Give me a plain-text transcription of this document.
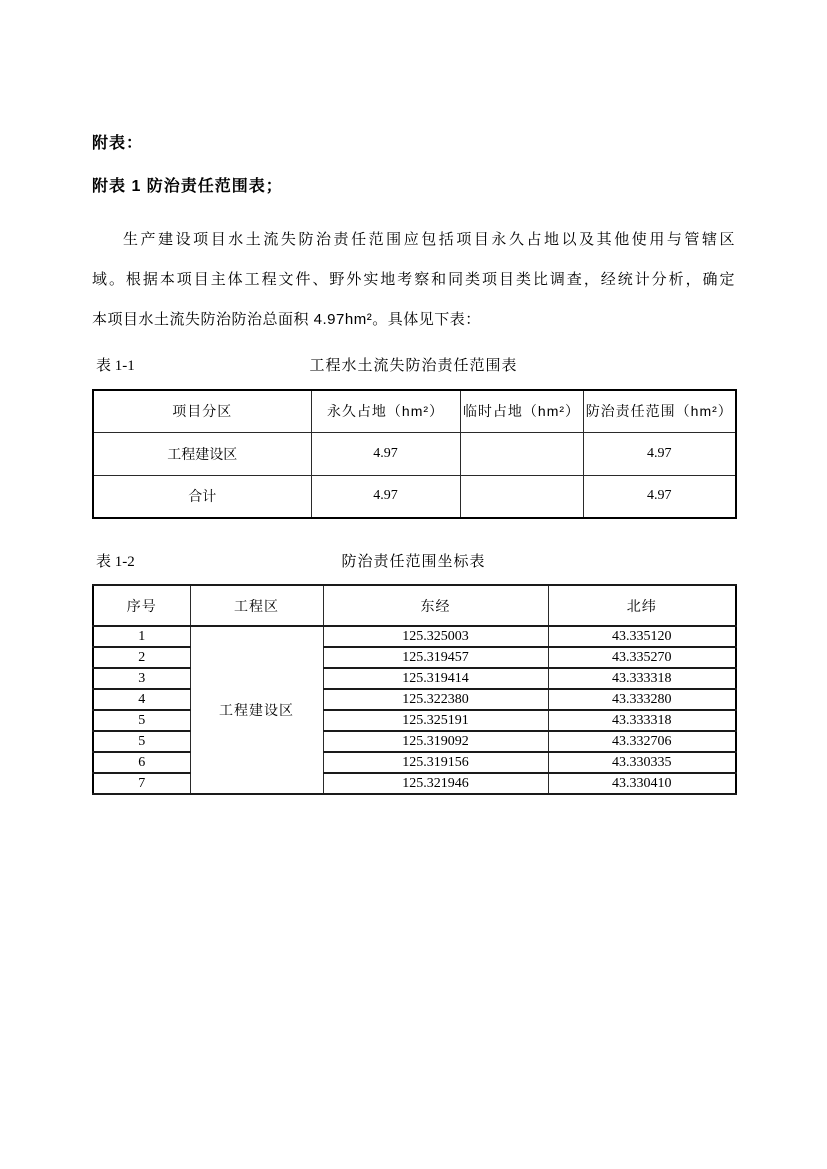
附表：
附表 1 防治责任范围表；
生产建设项目水土流失防治责任范围应包括项目永久占地以及其他使用与管辖区
域。根据本项目主体工程文件、野外实地考察和同类项目类比调查，经统计分析，确定
本项目水土流失防治防治总面积 4.97hm²。具体见下表：
表 1-1	工程水土流失防治责任范围表
项目分区	永久占地（hm²）	临时占地（hm²）	防治责任范围（hm²）
工程建设区	4.97		4.97
合计	4.97		4.97
表 1-2	防治责任范围坐标表
序号	工程区	东经	北纬
1	工程建设区	125.325003	43.335120
2		125.319457	43.335270
3		125.319414	43.333318
4		125.322380	43.333280
5		125.325191	43.333318
5		125.319092	43.332706
6		125.319156	43.330335
7		125.321946	43.330410
